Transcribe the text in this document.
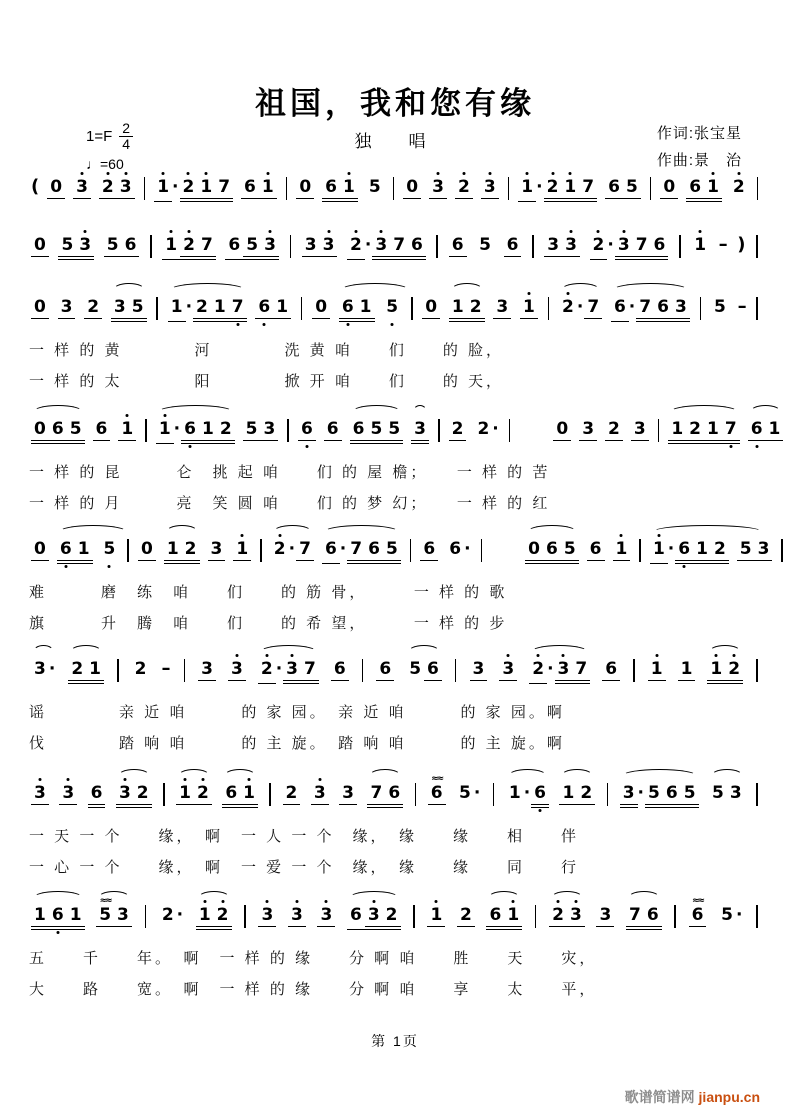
祖国，我和您有缘
独　唱
$1=F \frac{2}{4}$
♩=60
作词:张宝星
作曲:景　治
( 0 3 2 3 1 · 2 1 7 6 1 0 6 1 5 0 3 2 3 1 · 2 1 7 6 5 0 6 1 2
0 5 3 5 6 1 2 7 6 5 3 3 3 2 · 3 7 6 6 5 6 3 3 2 · 3 7 6 1 – )
0 3 2 3 5 1 · 2 1 7 6 1 0 6 1 5 0 1 2 3 1 2 · 7 6 · 7 6 3 5 –
一 样 的 黄　　　　河　　　　洗 黄 咱　　们　　的 脸，
一 样 的 太　　　　阳　　　　掀 开 咱　　们　　的 天，
0 6 5 6 1 1 · 6 1 2 5 3 6 6 6 5 5 3 2 2 ·	0 3 2 3 1 2 1 7 6 1
一 样 的 昆　　　仑　挑 起 咱　　们 的 屋 檐；　　一 样 的 苦
一 样 的 月　　　亮　笑 圆 咱　　们 的 梦 幻；　　一 样 的 红
0 6 1 5 0 1 2 3 1 2 · 7 6 · 7 6 5 6 6 ·	0 6 5 6 1 1 · 6 1 2 5 3
难　　　磨　练　咱　　们　　的 筋 骨，　　　一 样 的 歌
旗　　　升　腾　咱　　们　　的 希 望，　　　一 样 的 步
3 · 2 1 2 – 3 3 2 · 3 7 6 6 5 6 3 3 2 · 3 7 6 1 1 1 2
谣　　　　亲 近 咱　　　的 家 园。　亲 近 咱　　　的 家 园。啊
伐　　　　踏 响 咱　　　的 主 旋。　踏 响 咱　　　的 主 旋。啊
3 3 6 3 2 1 2 6 1 2 3 3 7 6 ≈≈ 6 5 · 1 · 6 1 2 3 · 5 6 5 5 3
一 天 一 个　　缘，　啊　一 人 一 个　缘，　缘　　缘　　相　　伴
一 心 一 个　　缘，　啊　一 爱 一 个　缘，　缘　　缘　　同　　行
1 6 1 ≈≈ 5 3 2 · 1 2 3 3 3 6 3 2 1 2 6 1 2 3 3 7 6 ≈≈ 6 5 ·
五　　千　　年。　啊　一 样 的 缘　　分 啊 咱　　胜　　天　　灾，
大　　路　　宽。　啊　一 样 的 缘　　分 啊 咱　　享　　太　　平，
第 1页
歌谱简谱网 jianpu.cn
